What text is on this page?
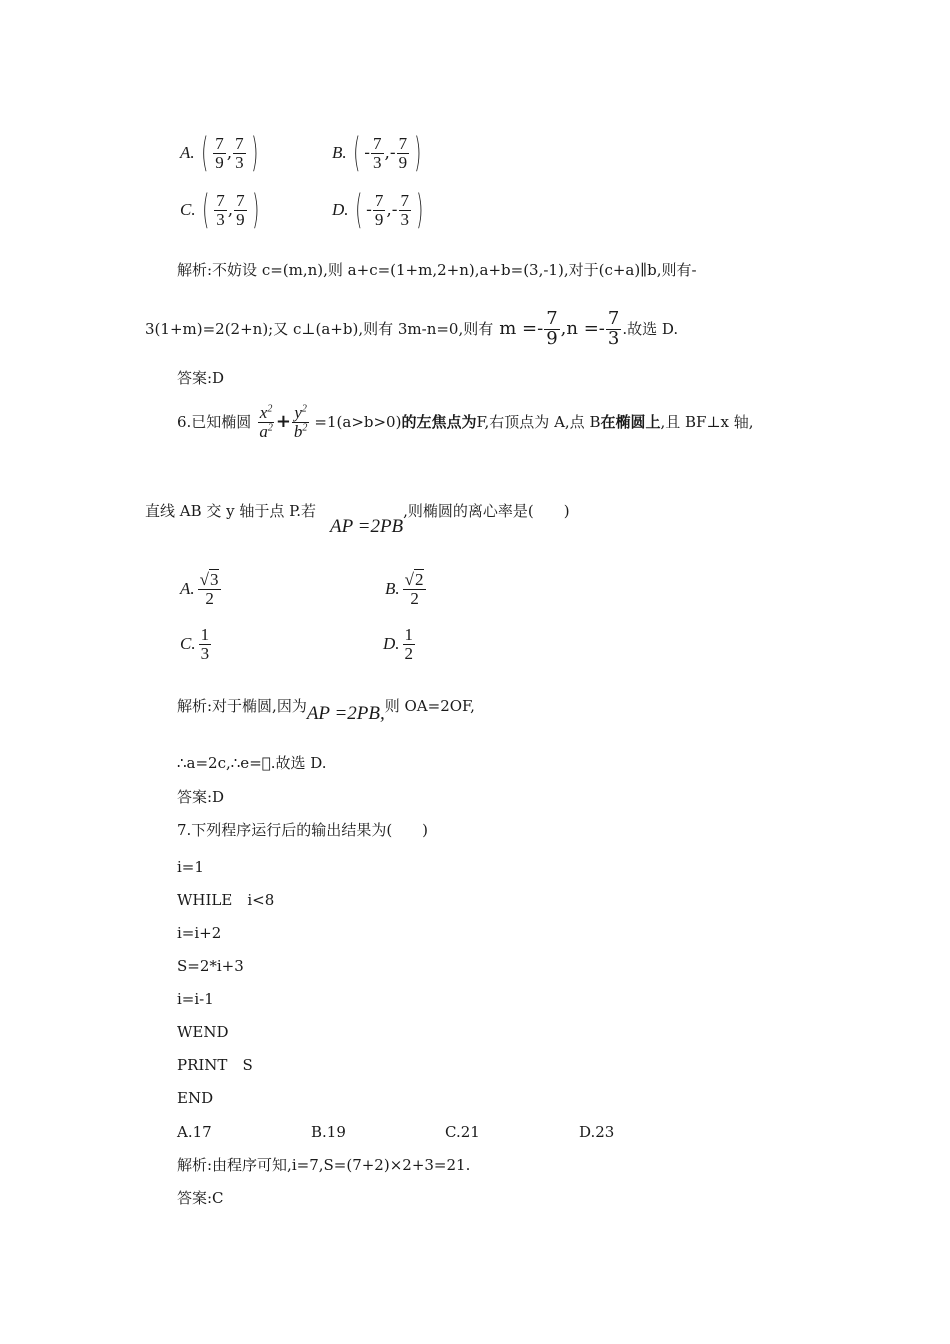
A. ( $\frac{7}{9}$ , $\frac{7}{3}$ )	B. ( - $\frac{7}{3}$ , - $\frac{7}{9}$ )
C. ( $\frac{7}{3}$ , $\frac{7}{9}$ )	D. ( - $\frac{7}{9}$ , - $\frac{7}{3}$ )
解析:不妨设 c=(m,n),则 a+c=(1+m,2+n),a+b=(3,-1),对于(c+a)∥b,则有-
3(1+m)=2(2+n);又 c⊥(a+b),则有 3m-n=0,则有 $m =- \frac{7}{9} ,n =- \frac{7}{3}$ .故选 D.
答案:D
6.已知椭圆 $\frac{x^2}{a^2} + \frac{y^2}{b^2} =1(a>b>0)$ 的左焦点为 F,右顶点为 A,点 B 在椭圆上 ,且 BF⊥x 轴,
直线 AB 交 y 轴于点 P.若
AP =2PB
,则椭圆的离心率是(　　)
A. $\frac{√3}{2}$	B. $\frac{√2}{2}$
C. $\frac{1}{3}$	D. $\frac{1}{2}$
解析:对于椭圆,因为 AP =2PB, 则 OA=2OF,
∴a=2c,∴e= .故选 D.
答案:D
7.下列程序运行后的输出结果为(　　)
i=1
WHILE　i<8
i=i+2
S=2*i+3
i=i-1
WEND
PRINT　S
END
A.17	B.19	C.21	D.23
解析:由程序可知,i=7,S=(7+2)×2+3=21.
答案:C
